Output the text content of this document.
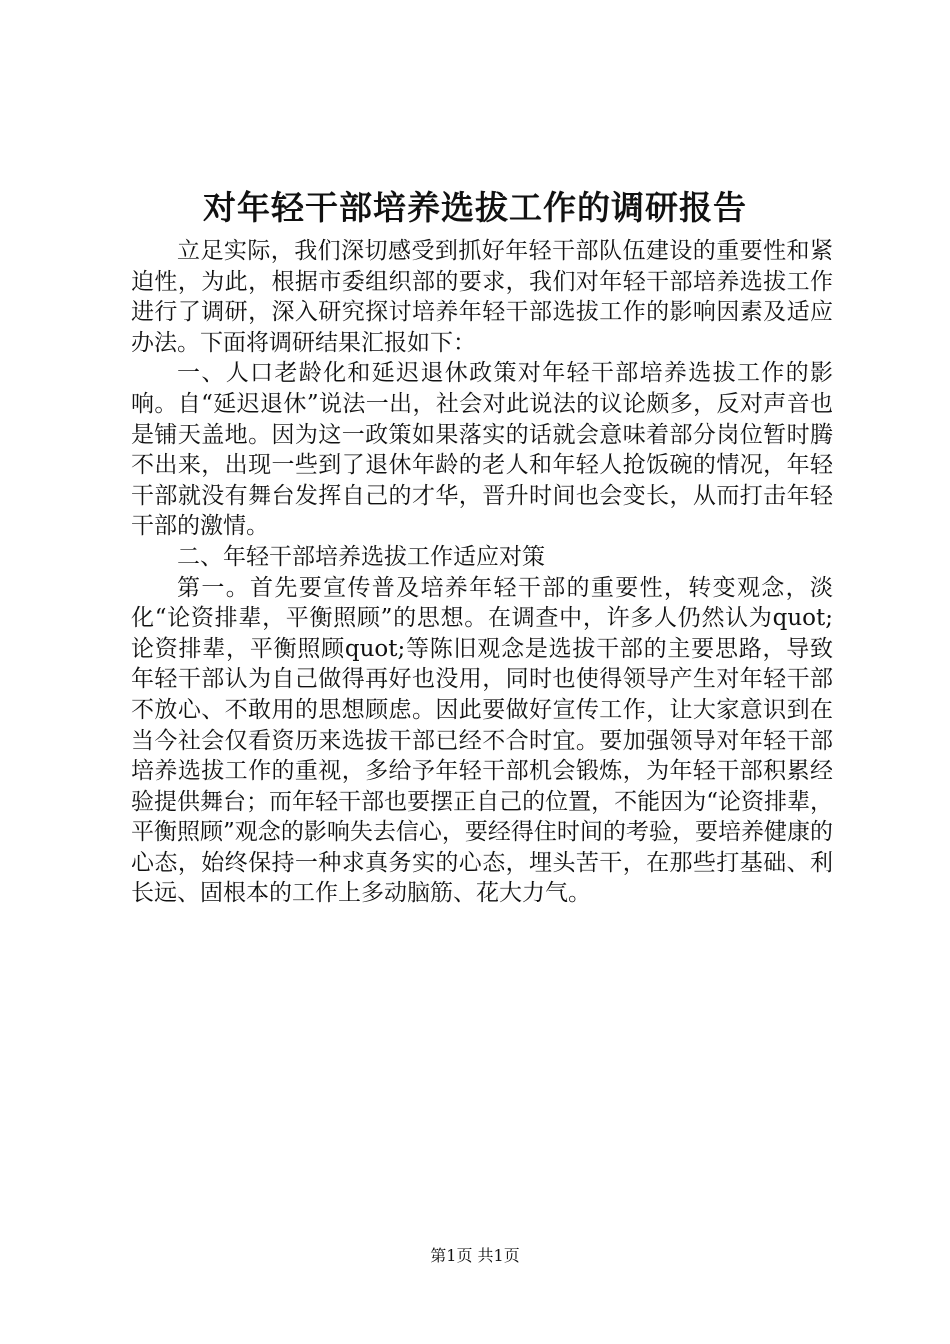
对年轻干部培养选拔工作的调研报告

立足实际，我们深切感受到抓好年轻干部队伍建设的重要性和紧迫性，为此，根据市委组织部的要求，我们对年轻干部培养选拔工作进行了调研，深入研究探讨培养年轻干部选拔工作的影响因素及适应办法。下面将调研结果汇报如下：

一、人口老龄化和延迟退休政策对年轻干部培养选拔工作的影响。自“延迟退休”说法一出，社会对此说法的议论颇多，反对声音也是铺天盖地。因为这一政策如果落实的话就会意味着部分岗位暂时腾不出来，出现一些到了退休年龄的老人和年轻人抢饭碗的情况，年轻干部就没有舞台发挥自己的才华，晋升时间也会变长，从而打击年轻干部的激情。

二、年轻干部培养选拔工作适应对策

第一。首先要宣传普及培养年轻干部的重要性，转变观念，淡化“论资排辈，平衡照顾”的思想。在调查中，许多人仍然认为quot;论资排辈，平衡照顾quot;等陈旧观念是选拔干部的主要思路，导致年轻干部认为自己做得再好也没用，同时也使得领导产生对年轻干部不放心、不敢用的思想顾虑。因此要做好宣传工作，让大家意识到在当今社会仅看资历来选拔干部已经不合时宜。要加强领导对年轻干部培养选拔工作的重视，多给予年轻干部机会锻炼，为年轻干部积累经验提供舞台；而年轻干部也要摆正自己的位置，不能因为“论资排辈，平衡照顾”观念的影响失去信心，要经得住时间的考验，要培养健康的心态，始终保持一种求真务实的心态，埋头苦干，在那些打基础、利长远、固根本的工作上多动脑筋、花大力气。

第1页 共1页
